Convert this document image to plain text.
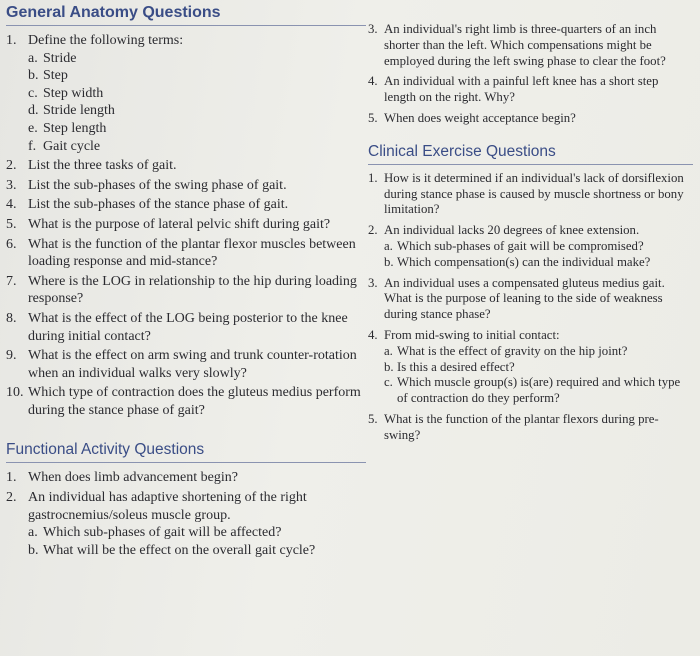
General Anatomy Questions
1. Define the following terms:
a. Stride
b. Step
c. Step width
d. Stride length
e. Step length
f. Gait cycle
2. List the three tasks of gait.
3. List the sub-phases of the swing phase of gait.
4. List the sub-phases of the stance phase of gait.
5. What is the purpose of lateral pelvic shift during gait?
6. What is the function of the plantar flexor muscles between loading response and mid-stance?
7. Where is the LOG in relationship to the hip during loading response?
8. What is the effect of the LOG being posterior to the knee during initial contact?
9. What is the effect on arm swing and trunk counter-rotation when an individual walks very slowly?
10. Which type of contraction does the gluteus medius perform during the stance phase of gait?
Functional Activity Questions
1. When does limb advancement begin?
2. An individual has adaptive shortening of the right gastrocnemius/soleus muscle group.
a. Which sub-phases of gait will be affected?
b. What will be the effect on the overall gait cycle?
3. An individual's right limb is three-quarters of an inch shorter than the left. Which compensations might be employed during the left swing phase to clear the foot?
4. An individual with a painful left knee has a short step length on the right. Why?
5. When does weight acceptance begin?
Clinical Exercise Questions
1. How is it determined if an individual's lack of dorsiflexion during stance phase is caused by muscle shortness or bony limitation?
2. An individual lacks 20 degrees of knee extension.
a. Which sub-phases of gait will be compromised?
b. Which compensation(s) can the individual make?
3. An individual uses a compensated gluteus medius gait. What is the purpose of leaning to the side of weakness during stance phase?
4. From mid-swing to initial contact:
a. What is the effect of gravity on the hip joint?
b. Is this a desired effect?
c. Which muscle group(s) is(are) required and which type of contraction do they perform?
5. What is the function of the plantar flexors during pre-swing?
